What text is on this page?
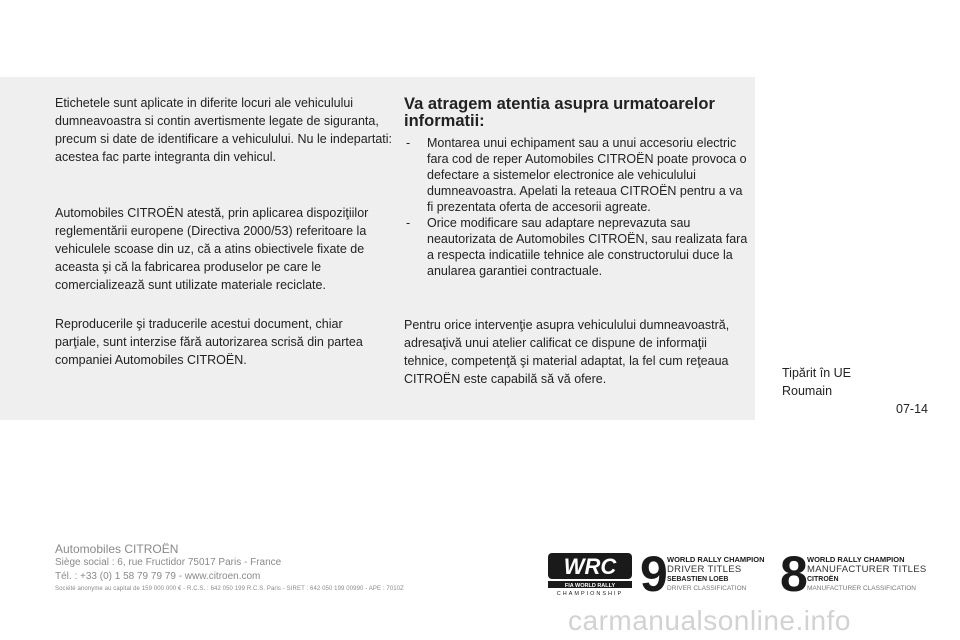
Etichetele sunt aplicate in diferite locuri ale vehiculului dumneavoastra si contin avertismente legate de siguranta, precum si date de identificare a vehiculului. Nu le indepartati: acestea fac parte integranta din vehicul.

Automobiles CITROËN atestă, prin aplicarea dispoziţiilor reglementării europene (Directiva 2000/53) referitoare la vehiculele scoase din uz, că a atins obiectivele fixate de aceasta şi că la fabricarea produselor pe care le comercializează sunt utilizate materiale reciclate.

Reproducerile şi traducerile acestui document, chiar parţiale, sunt interzise fără autorizarea scrisă din partea companiei Automobiles CITROËN.

Va atragem atentia asupra urmatoarelor informatii:
- Montarea unui echipament sau a unui accesoriu electric fara cod de reper Automobiles CITROËN poate provoca o defectare a sistemelor electronice ale vehiculului dumneavoastra. Apelati la reteaua CITROËN pentru a va fi prezentata oferta de accesorii agreate.
- Orice modificare sau adaptare neprevazuta sau neautorizata de Automobiles CITROËN, sau realizata fara a respecta indicatiile tehnice ale constructorului duce la anularea garantiei contractuale.

Pentru orice intervenţie asupra vehiculului dumneavoastră, adresaţivă unui atelier calificat ce dispune de informaţii tehnice, competenţă şi material adaptat, la fel cum reţeaua CITROËN este capabilă să vă ofere.	Tipărit în UE
Roumain
07-14
Automobiles CITROËN
Siège social : 6, rue Fructidor 75017 Paris - France
Tél. : +33 (0) 1 58 79 79 79 - www.citroen.com
Société anonyme au capital de 159 000 000 € - R.C.S. : 642 050 199 R.C.S. Paris - SIRET : 642 050 199 00990 - APE : 7010Z
WRC
FIA WORLD RALLY
CHAMPIONSHIP 9 WORLD RALLY CHAMPION
DRIVER TITLES
SEBASTIEN LOEB
DRIVER CLASSIFICATION 8 WORLD RALLY CHAMPION
MANUFACTURER TITLES
CITROËN
MANUFACTURER CLASSIFICATION
carmanualsonline.info
